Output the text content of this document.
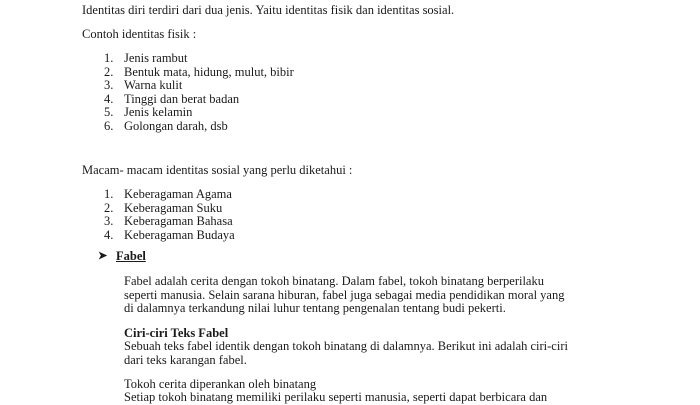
Identitas diri terdiri dari dua jenis. Yaitu identitas fisik dan identitas sosial.

Contoh identitas fisik :

1. Jenis rambut
2. Bentuk mata, hidung, mulut, bibir
3. Warna kulit
4. Tinggi dan berat badan
5. Jenis kelamin
6. Golongan darah, dsb

Macam- macam identitas sosial yang perlu diketahui :

1. Keberagaman Agama
2. Keberagaman Suku
3. Keberagaman Bahasa
4. Keberagaman Budaya
➤ Fabel

Fabel adalah cerita dengan tokoh binatang. Dalam fabel, tokoh binatang berperilaku

seperti manusia. Selain sarana hiburan, fabel juga sebagai media pendidikan moral yang

di dalamnya terkandung nilai luhur tentang pengenalan tentang budi pekerti.

Ciri-ciri Teks Fabel

Sebuah teks fabel identik dengan tokoh binatang di dalamnya. Berikut ini adalah ciri-ciri

dari teks karangan fabel.

Tokoh cerita diperankan oleh binatang

Setiap tokoh binatang memiliki perilaku seperti manusia, seperti dapat berbicara dan
